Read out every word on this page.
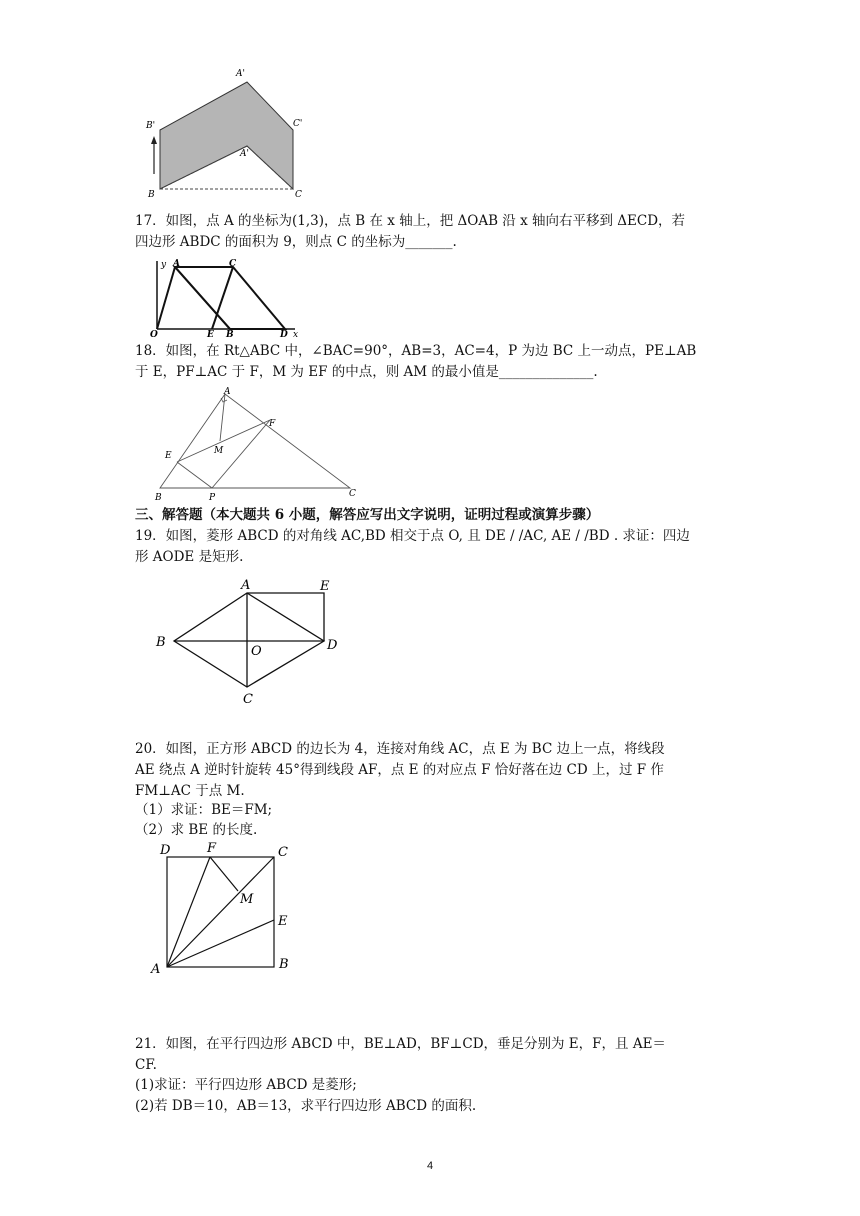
A'
B'	C'
A'
B	C

17．如图，点 A 的坐标为(1,3)，点 B 在 x 轴上，把 ΔOAB 沿 x 轴向右平移到 ΔECD，若

四边形 ABDC 的面积为 9，则点 C 的坐标为_______.

y A	C
O	E B	D x

18．如图，在 Rt△ABC 中，∠BAC=90°，AB=3，AC=4，P 为边 BC 上一动点，PE⊥AB

于 E，PF⊥AC 于 F，M 为 EF 的中点，则 AM 的最小值是______________.

A
F
M
E
B	P	C

三、解答题（本大题共 6 小题，解答应写出文字说明，证明过程或演算步骤）

19．如图，菱形 ABCD 的对角线 AC,BD 相交于点 O, 且 DE / /AC, AE / /BD . 求证：四边

形 AODE 是矩形.

A	E
B
O	D
C

20．如图，正方形 ABCD 的边长为 4，连接对角线 AC，点 E 为 BC 边上一点，将线段

AE 绕点 A 逆时针旋转 45°得到线段 AF，点 E 的对应点 F 恰好落在边 CD 上，过 F 作

FM⊥AC 于点 M.

（1）求证：BE＝FM;

（2）求 BE 的长度.

D	F	C
M
E
A	B

21．如图，在平行四边形 ABCD 中，BE⊥AD，BF⊥CD，垂足分别为 E，F，且 AE＝

CF.

(1)求证：平行四边形 ABCD 是菱形;

(2)若 DB＝10，AB＝13，求平行四边形 ABCD 的面积.

4
